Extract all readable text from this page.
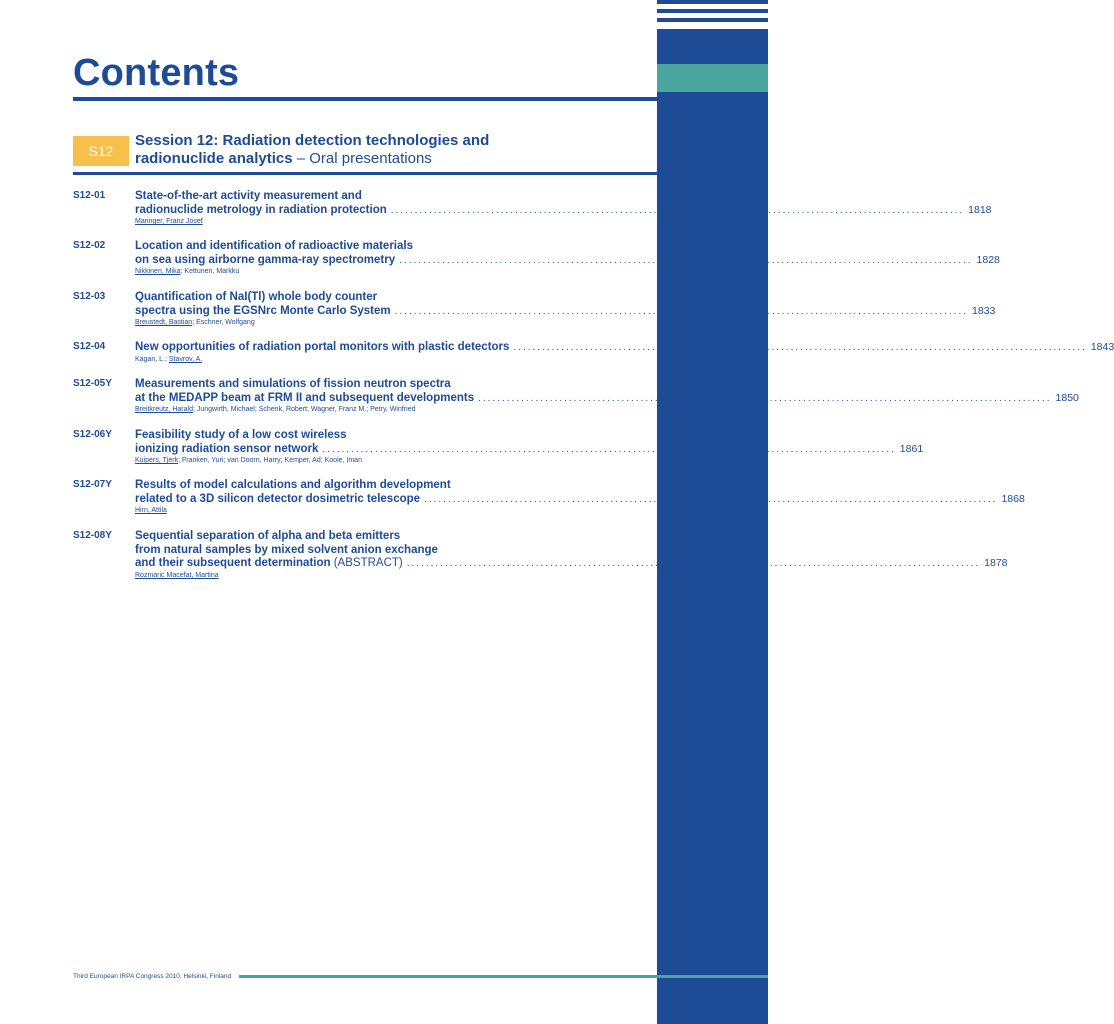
Contents
S12
Session 12: Radiation detection technologies and
radionuclide analytics – Oral presentations
S12-01	State-of-the-art activity measurement and
radionuclide metrology in radiation protection ........................................................................................................................ 1818
Maringer, Franz Josef
S12-02	Location and identification of radioactive materials
on sea using airborne gamma-ray spectrometry ........................................................................................................................ 1828
Nikkinen, Mika; Kettunen, Markku
S12-03	Quantification of NaI(Tl) whole body counter
spectra using the EGSNrc Monte Carlo System ........................................................................................................................ 1833
Breustedt, Bastian; Eschner, Wolfgang
S12-04	New opportunities of radiation portal monitors with plastic detectors ........................................................................................................................ 1843
Kagan, L.; Stavrov, A.
S12-05Y Measurements and simulations of fission neutron spectra
at the MEDAPP beam at FRM II and subsequent developments ........................................................................................................................ 1850
Breitkreutz, Harald; Jungwirth, Michael; Schenk, Robert; Wagner, Franz M.; Petry, Winfried
S12-06Y Feasibility study of a low cost wireless
ionizing radiation sensor network ........................................................................................................................ 1861
Kuipers, Tjerk; Franken, Yuri; van Doorn, Harry; Kemper, Ad; Koole, Iman
S12-07Y Results of model calculations and algorithm development
related to a 3D silicon detector dosimetric telescope ........................................................................................................................ 1868
Hirn, Attila
S12-08Y Sequential separation of alpha and beta emitters
from natural samples by mixed solvent anion exchange
and their subsequent determination (ABSTRACT) ........................................................................................................................ 1878
Rozmaric Macefat, Martina
Third European IRPA Congress 2010, Helsinki, Finland
